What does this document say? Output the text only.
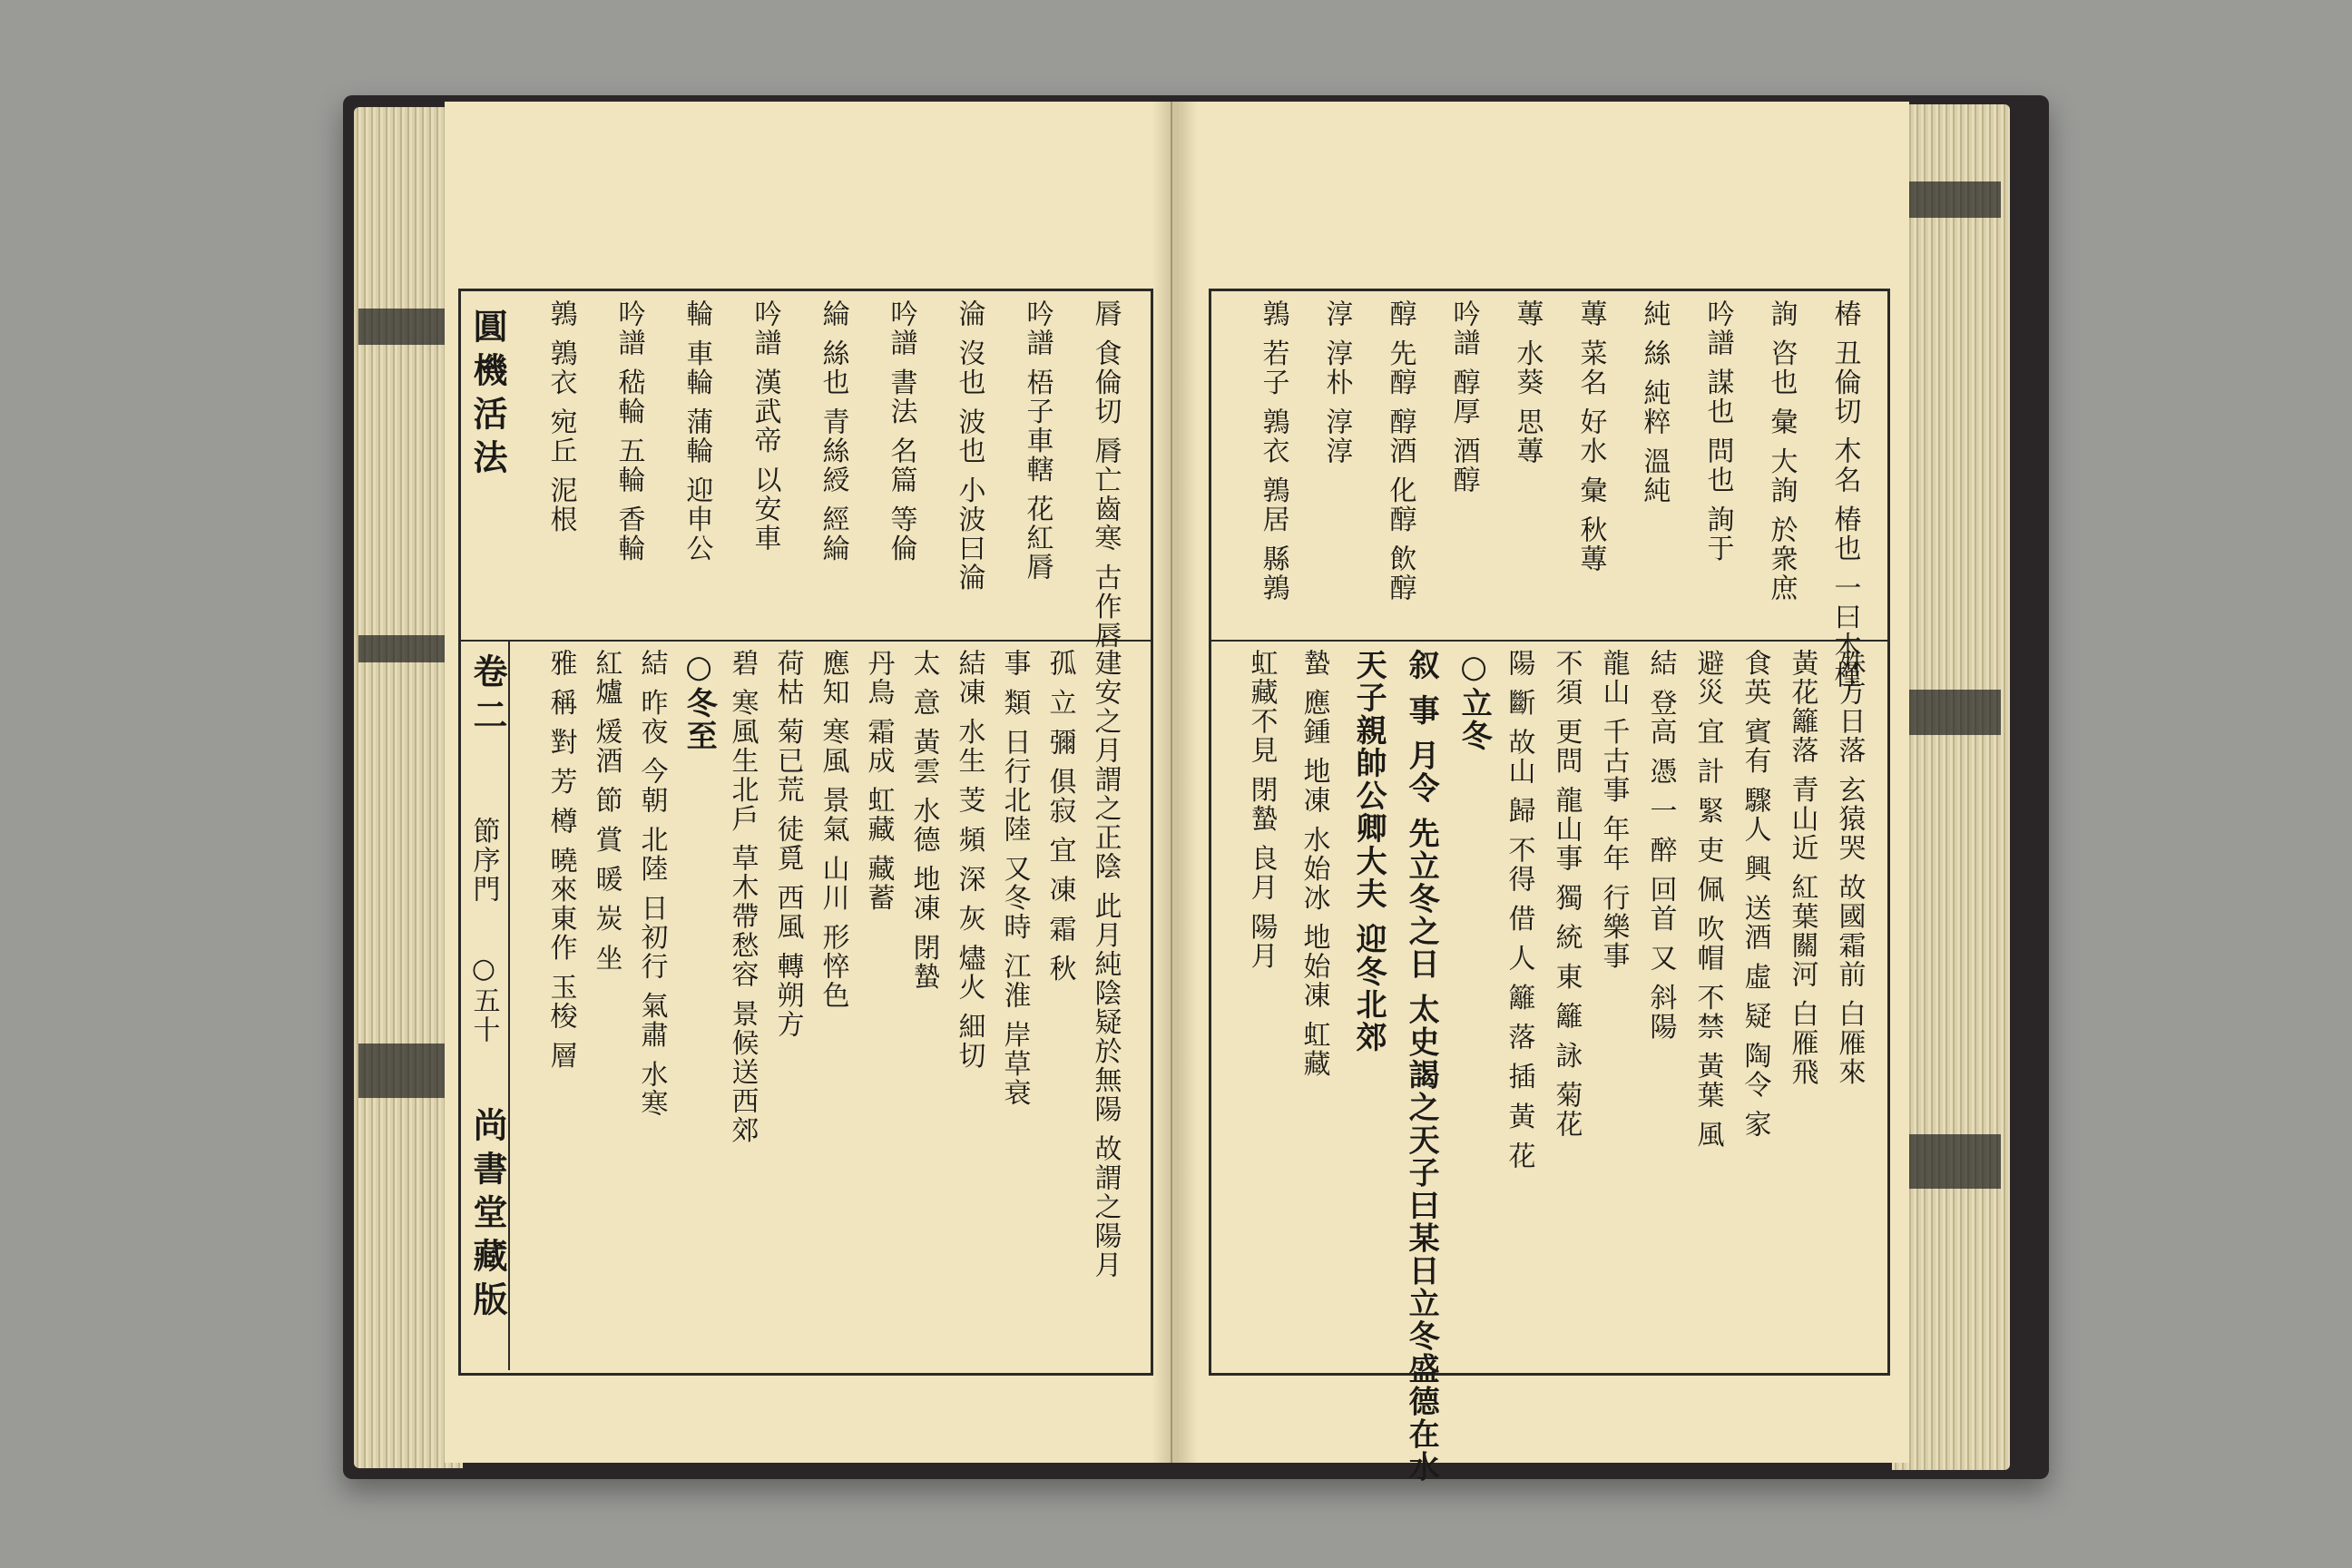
脣 食倫切 脣亡齒寒 古作唇
吟譜 梧子車轄 花紅脣
淪 沒也 波也 小波曰淪
吟譜 書法 名篇 等倫
綸 絲也 青絲綬 經綸
吟譜 漢武帝 以安車
輪 車輪 蒲輪 迎申公
吟譜 嵇輪 五輪 香輪
鶉 鶉衣 宛丘 泥根
圓機活法
卷二
節序門
○五十
尚書堂藏版	建安之月謂之正陰 此月純陰疑於無陽 故謂之陽月
孤 立 彌 俱寂 宜 凍 霜 秋
事 類 日行北陸 又冬時 江淮 岸草衰
結凍 水生 芰 頻 深 灰 燼火 細切
太 意 黃雲 水德 地凍 閉蟄
丹鳥 霜成 虹藏 藏蓄
應知 寒風 景氣 山川 形悴色
荷枯 菊已荒 徒覓 西風 轉朔方
碧 寒風生北戶 草木帶愁容 景候送西郊
○冬至
結 昨夜 今朝 北陸 日初行 氣肅 水寒
紅爐 煖酒 節 賞 暖 炭 坐
雅 稱 對 芳 樽 曉來東作 玉梭 層
椿 丑倫切 木名 椿也 一曰木槿
詢 咨也 彙 大詢 於衆庶
吟譜 謀也 問也 詢于
純 絲 純粹 溫純
蓴 菜名 好水 彙 秋蓴
蓴 水葵 思蓴
吟譜 醇厚 酒醇
醇 先醇 醇酒 化醇 飲醇
淳 淳朴 淳淳
鶉 若子 鶉衣 鶉居 縣鶉
殊方日落 玄猿哭 故國霜前 白雁來
黃花籬落 青山近 紅葉關河 白雁飛
食英 賓有 驟人 興 送酒 虛 疑 陶令 家
避災 宜 計 緊 吏 佩 吹帽 不禁 黃葉 風
結 登高 憑 一 醉 回首 又 斜陽
龍山 千古事 年年 行樂事
不須 更問 龍山事 獨 統 東 籬 詠 菊花
陽 斷 故山 歸 不得 借 人 籬 落 插 黃 花
○立冬
叙 事 月令 先立冬之日 太史謁之天子曰某日立冬盛德在水
天子親帥公卿大夫 迎冬北郊
蟄 應鍾 地凍 水始冰 地始凍 虹藏
虹藏不見 閉蟄 良月 陽月
